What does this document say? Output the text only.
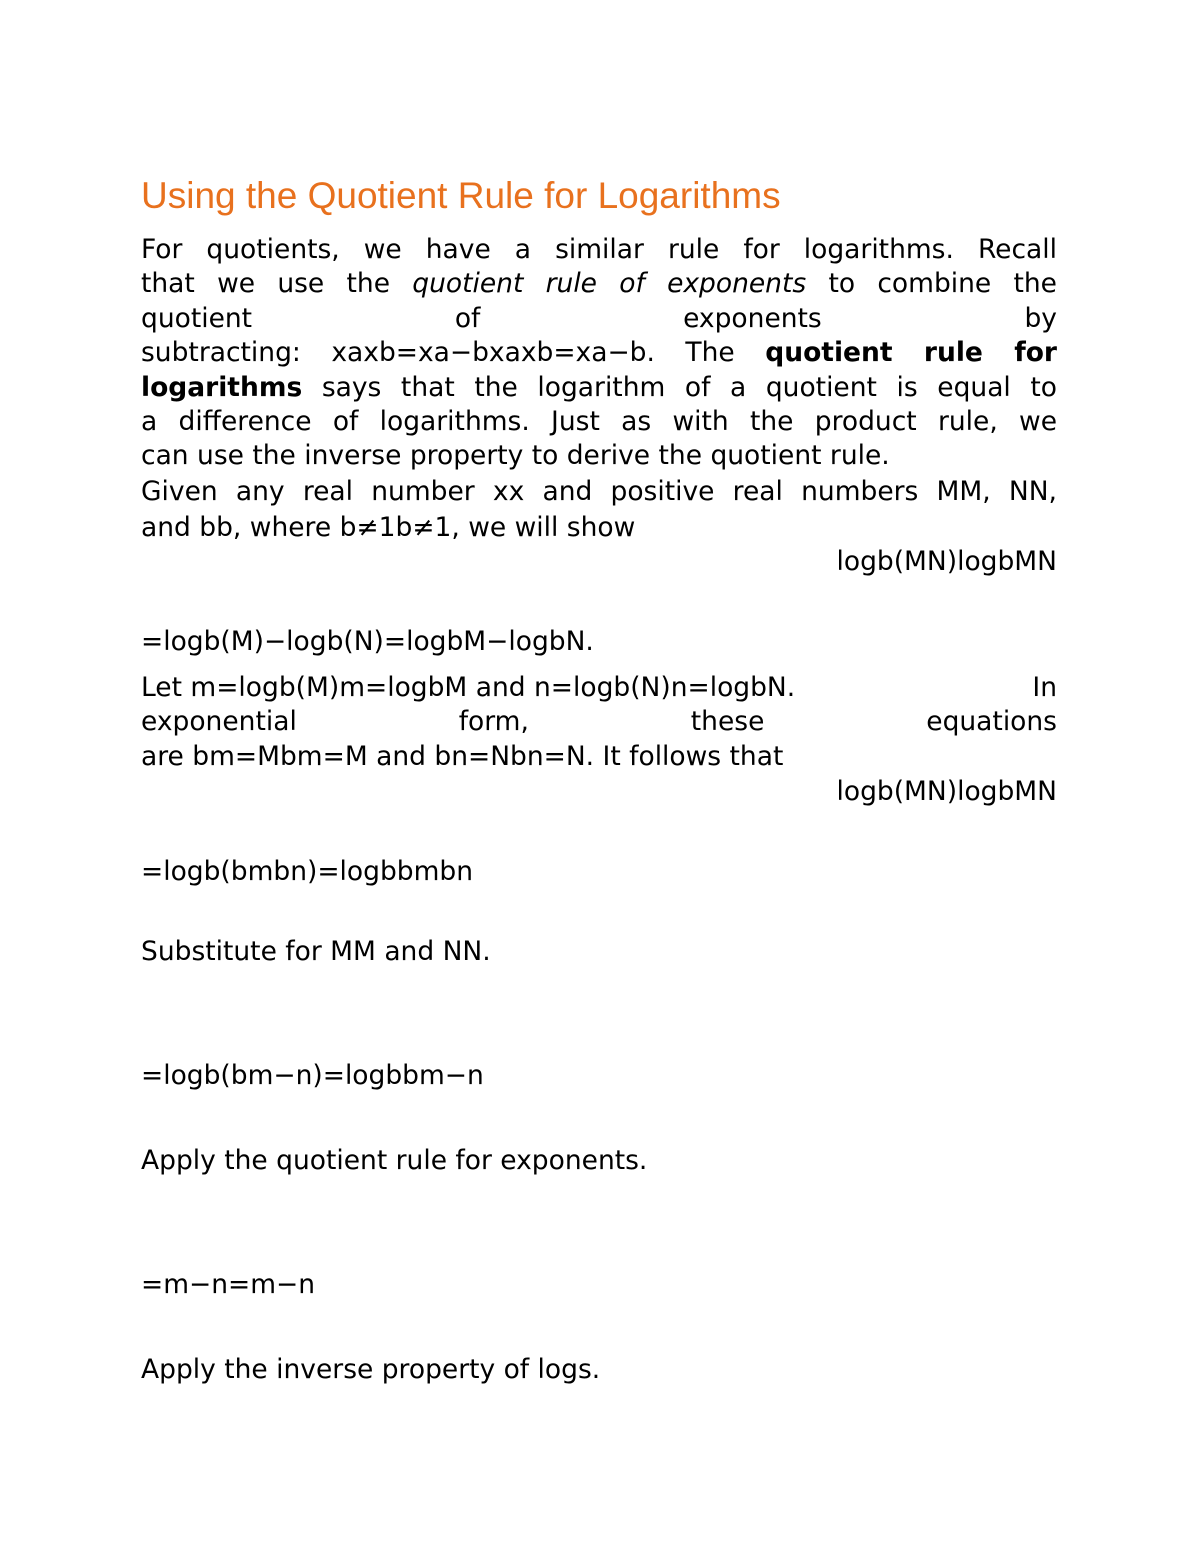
Using the Quotient Rule for Logarithms
For quotients, we have a similar rule for logarithms. Recall
that we use the quotient rule of exponents to combine the
quotient	of	exponents	by
subtracting: xaxb=xa−bxaxb=xa−b. The quotient rule for
logarithms says that the logarithm of a quotient is equal to
a difference of logarithms. Just as with the product rule, we
can use the inverse property to derive the quotient rule.
Given any real number xx and positive real numbers MM, NN,
and bb, where b≠1b≠1, we will show

logb(MN)logbMN

=logb(M)−logb(N)=logbM−logbN.

Let m=logb(M)m=logbM and n=logb(N)n=logbN.	In
exponential	form,	these	equations

are bm=Mbm=M and bn=Nbn=N. It follows that

logb(MN)logbMN

=logb(bmbn)=logbbmbn

Substitute for MM and NN.

=logb(bm−n)=logbbm−n

Apply the quotient rule for exponents.

=m−n=m−n

Apply the inverse property of logs.
